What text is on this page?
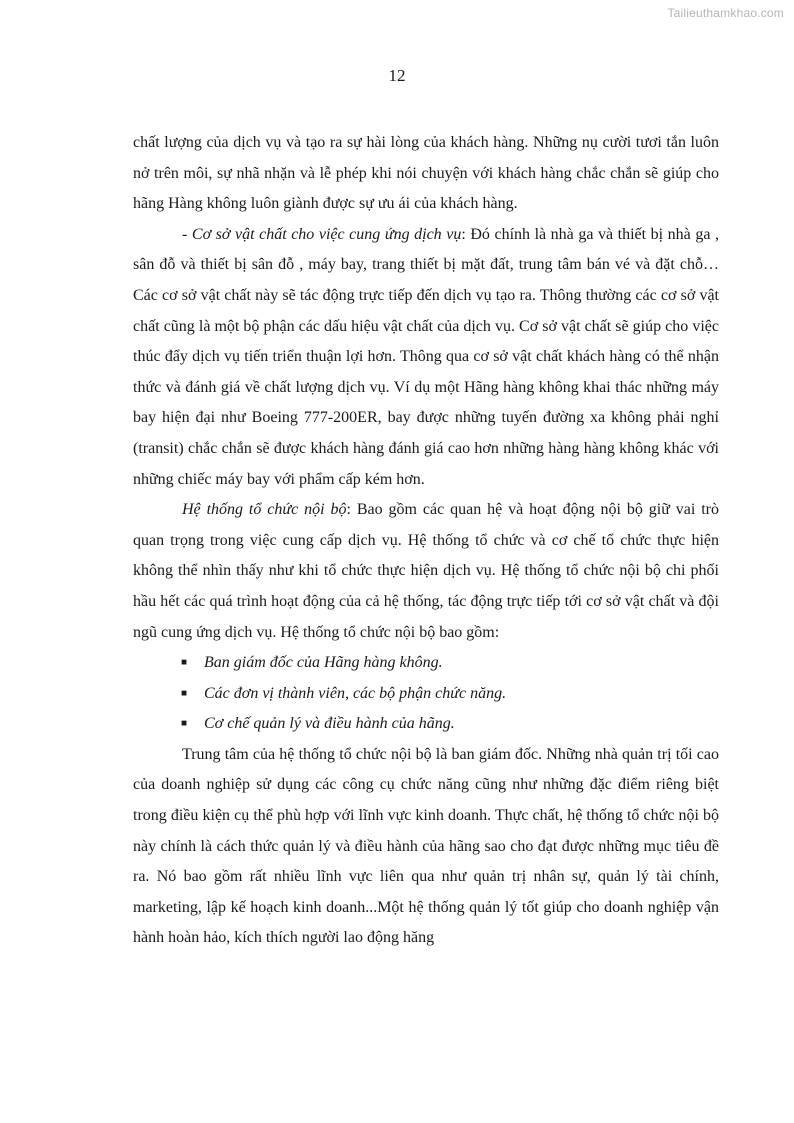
Tailieuthamkhao.com
12

chất lượng của dịch vụ và tạo ra sự hài lòng của khách hàng. Những nụ cười tươi tắn luôn nở trên môi, sự nhã nhặn và lễ phép khi nói chuyện với khách hàng chắc chắn sẽ giúp cho hãng Hàng không luôn giành được sự ưu ái của khách hàng.

- Cơ sở vật chất cho việc cung ứng dịch vụ: Đó chính là nhà ga và thiết bị nhà ga , sân đỗ và thiết bị sân đỗ , máy bay, trang thiết bị mặt đất, trung tâm bán vé và đặt chỗ… Các cơ sở vật chất này sẽ tác động trực tiếp đến dịch vụ tạo ra. Thông thường các cơ sở vật chất cũng là một bộ phận các dấu hiệu vật chất của dịch vụ. Cơ sở vật chất sẽ giúp cho việc thúc đẩy dịch vụ tiến triển thuận lợi hơn. Thông qua cơ sở vật chất khách hàng có thể nhận thức và đánh giá về chất lượng dịch vụ. Ví dụ một Hãng hàng không khai thác những máy bay hiện đại như Boeing 777-200ER, bay được những tuyến đường xa không phải nghỉ (transit) chắc chắn sẽ được khách hàng đánh giá cao hơn những hàng hàng không khác với những chiếc máy bay với phẩm cấp kém hơn.

Hệ thống tổ chức nội bộ: Bao gồm các quan hệ và hoạt động nội bộ giữ vai trò quan trọng trong việc cung cấp dịch vụ. Hệ thống tổ chức và cơ chế tổ chức thực hiện không thể nhìn thấy như khi tổ chức thực hiện dịch vụ. Hệ thống tổ chức nội bộ chi phối hầu hết các quá trình hoạt động của cả hệ thống, tác động trực tiếp tới cơ sở vật chất và đội ngũ cung ứng dịch vụ. Hệ thống tổ chức nội bộ bao gồm:

■ Ban giám đốc của Hãng hàng không.
■ Các đơn vị thành viên, các bộ phận chức năng.
■ Cơ chế quản lý và điều hành của hãng.

Trung tâm của hệ thống tổ chức nội bộ là ban giám đốc. Những nhà quản trị tối cao của doanh nghiệp sử dụng các công cụ chức năng cũng như những đặc điểm riêng biệt trong điều kiện cụ thể phù hợp với lĩnh vực kinh doanh. Thực chất, hệ thống tổ chức nội bộ này chính là cách thức quản lý và điều hành của hãng sao cho đạt được những mục tiêu đề ra. Nó bao gồm rất nhiều lĩnh vực liên qua như quản trị nhân sự, quản lý tài chính, marketing, lập kế hoạch kinh doanh...Một hệ thống quản lý tốt giúp cho doanh nghiệp vận hành hoàn hảo, kích thích người lao động hăng
